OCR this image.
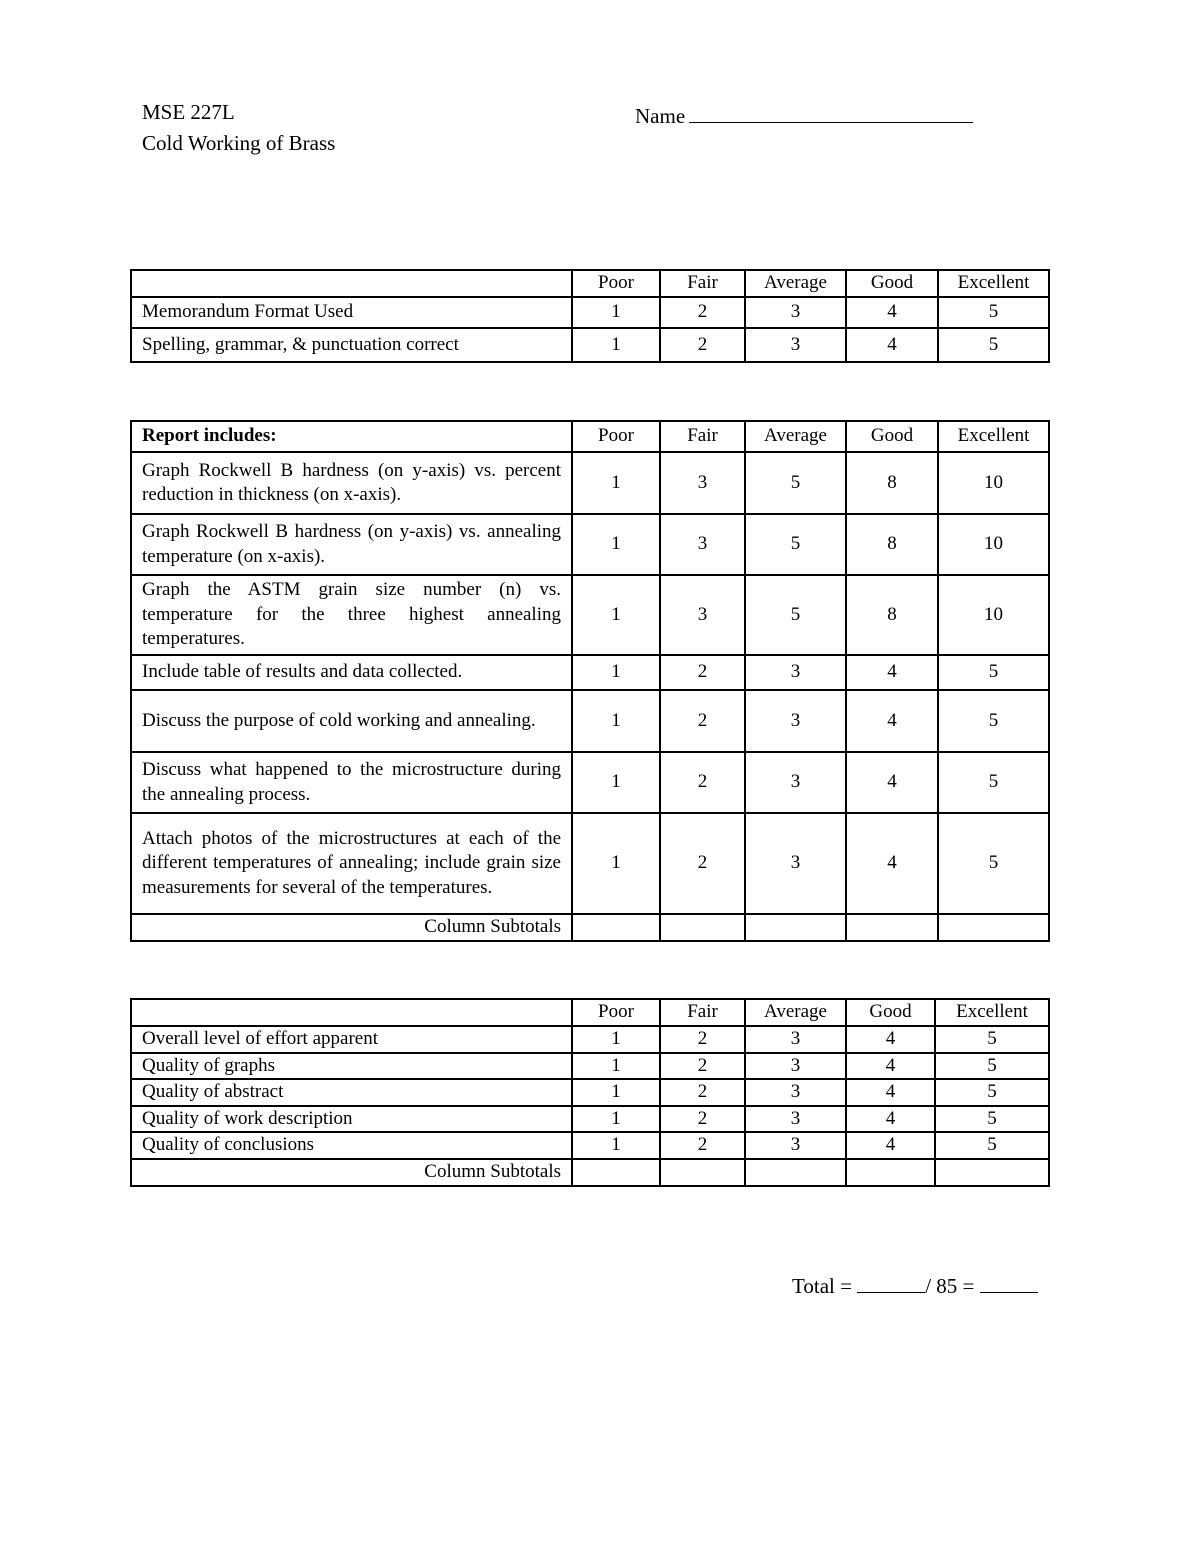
MSE 227L
Cold Working of Brass
Name
	Poor	Fair	Average	Good	Excellent
Memorandum Format Used	1	2	3	4	5
Spelling, grammar, & punctuation correct	1	2	3	4	5
Report includes:	Poor	Fair	Average	Good	Excellent
Graph Rockwell B hardness (on y-axis) vs. percent reduction in thickness (on x-axis).	1	3	5	8	10
Graph Rockwell B hardness (on y-axis) vs. annealing temperature (on x-axis).	1	3	5	8	10
Graph the ASTM grain size number (n) vs. temperature for the three highest annealing temperatures.	1	3	5	8	10
Include table of results and data collected.	1	2	3	4	5
Discuss the purpose of cold working and annealing.	1	2	3	4	5
Discuss what happened to the microstructure during the annealing process.	1	2	3	4	5
Attach photos of the microstructures at each of the different temperatures of annealing; include grain size measurements for several of the temperatures.	1	2	3	4	5
Column Subtotals					
	Poor	Fair	Average	Good	Excellent
Overall level of effort apparent	1	2	3	4	5
Quality of graphs	1	2	3	4	5
Quality of abstract	1	2	3	4	5
Quality of work description	1	2	3	4	5
Quality of conclusions	1	2	3	4	5
Column Subtotals					
Total =	/ 85 =
